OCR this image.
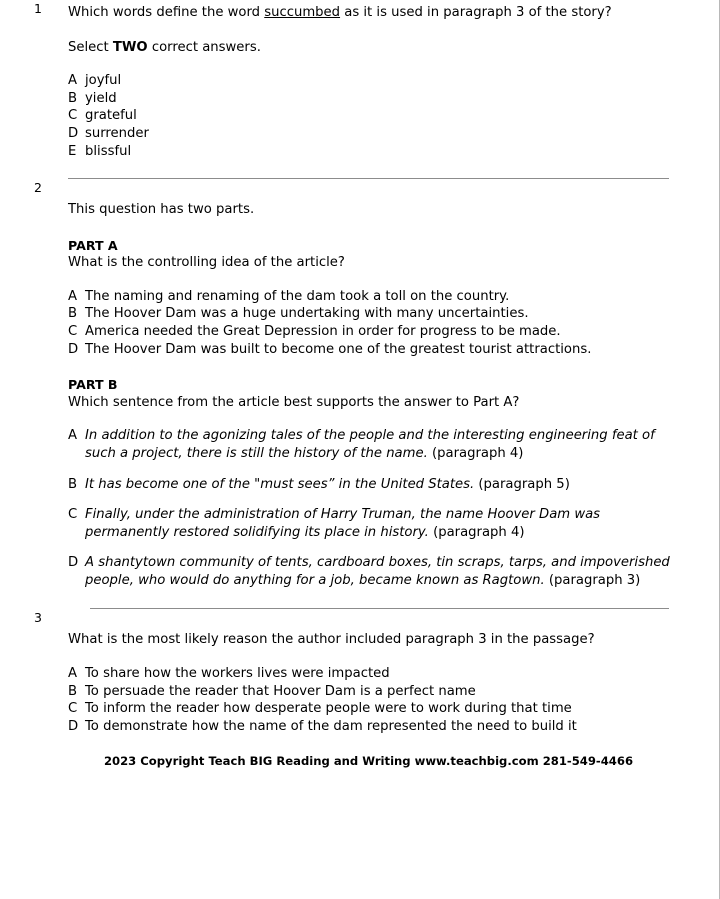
1 Which words define the word succumbed as it is used in paragraph 3 of the story?
Select TWO correct answers.
A joyful
B yield
C grateful
D surrender
E blissful
2
This question has two parts.
PART A
What is the controlling idea of the article?
A The naming and renaming of the dam took a toll on the country.
B The Hoover Dam was a huge undertaking with many uncertainties.
C America needed the Great Depression in order for progress to be made.
D The Hoover Dam was built to become one of the greatest tourist attractions.
PART B
Which sentence from the article best supports the answer to Part A?
A In addition to the agonizing tales of the people and the interesting engineering feat of such a project, there is still the history of the name. (paragraph 4)
B It has become one of the "must sees” in the United States. (paragraph 5)
C Finally, under the administration of Harry Truman, the name Hoover Dam was permanently restored solidifying its place in history. (paragraph 4)
D A shantytown community of tents, cardboard boxes, tin scraps, tarps, and impoverished people, who would do anything for a job, became known as Ragtown. (paragraph 3)
3
What is the most likely reason the author included paragraph 3 in the passage?
A To share how the workers lives were impacted
B To persuade the reader that Hoover Dam is a perfect name
C To inform the reader how desperate people were to work during that time
D To demonstrate how the name of the dam represented the need to build it
2023 Copyright Teach BIG Reading and Writing www.teachbig.com 281-549-4466
